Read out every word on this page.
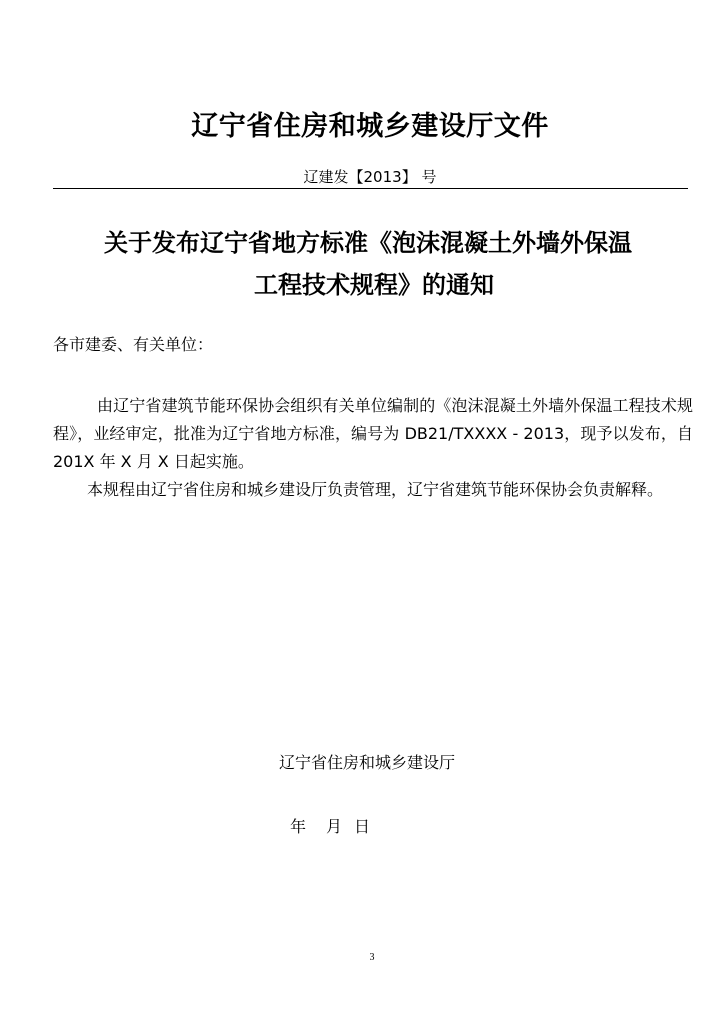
辽宁省住房和城乡建设厅文件
辽建发【2013】 号
关于发布辽宁省地方标准《泡沫混凝土外墙外保温
工程技术规程》的通知
各市建委、有关单位：

由辽宁省建筑节能环保协会组织有关单位编制的《泡沫混凝土外墙外保温工程技术规程》，业经审定，批准为辽宁省地方标准，编号为 DB21/TXXXX - 2013，现予以发布，自 201X 年 X 月 X 日起实施。

本规程由辽宁省住房和城乡建设厅负责管理，辽宁省建筑节能环保协会负责解释。

辽宁省住房和城乡建设厅
年 月 日
3
